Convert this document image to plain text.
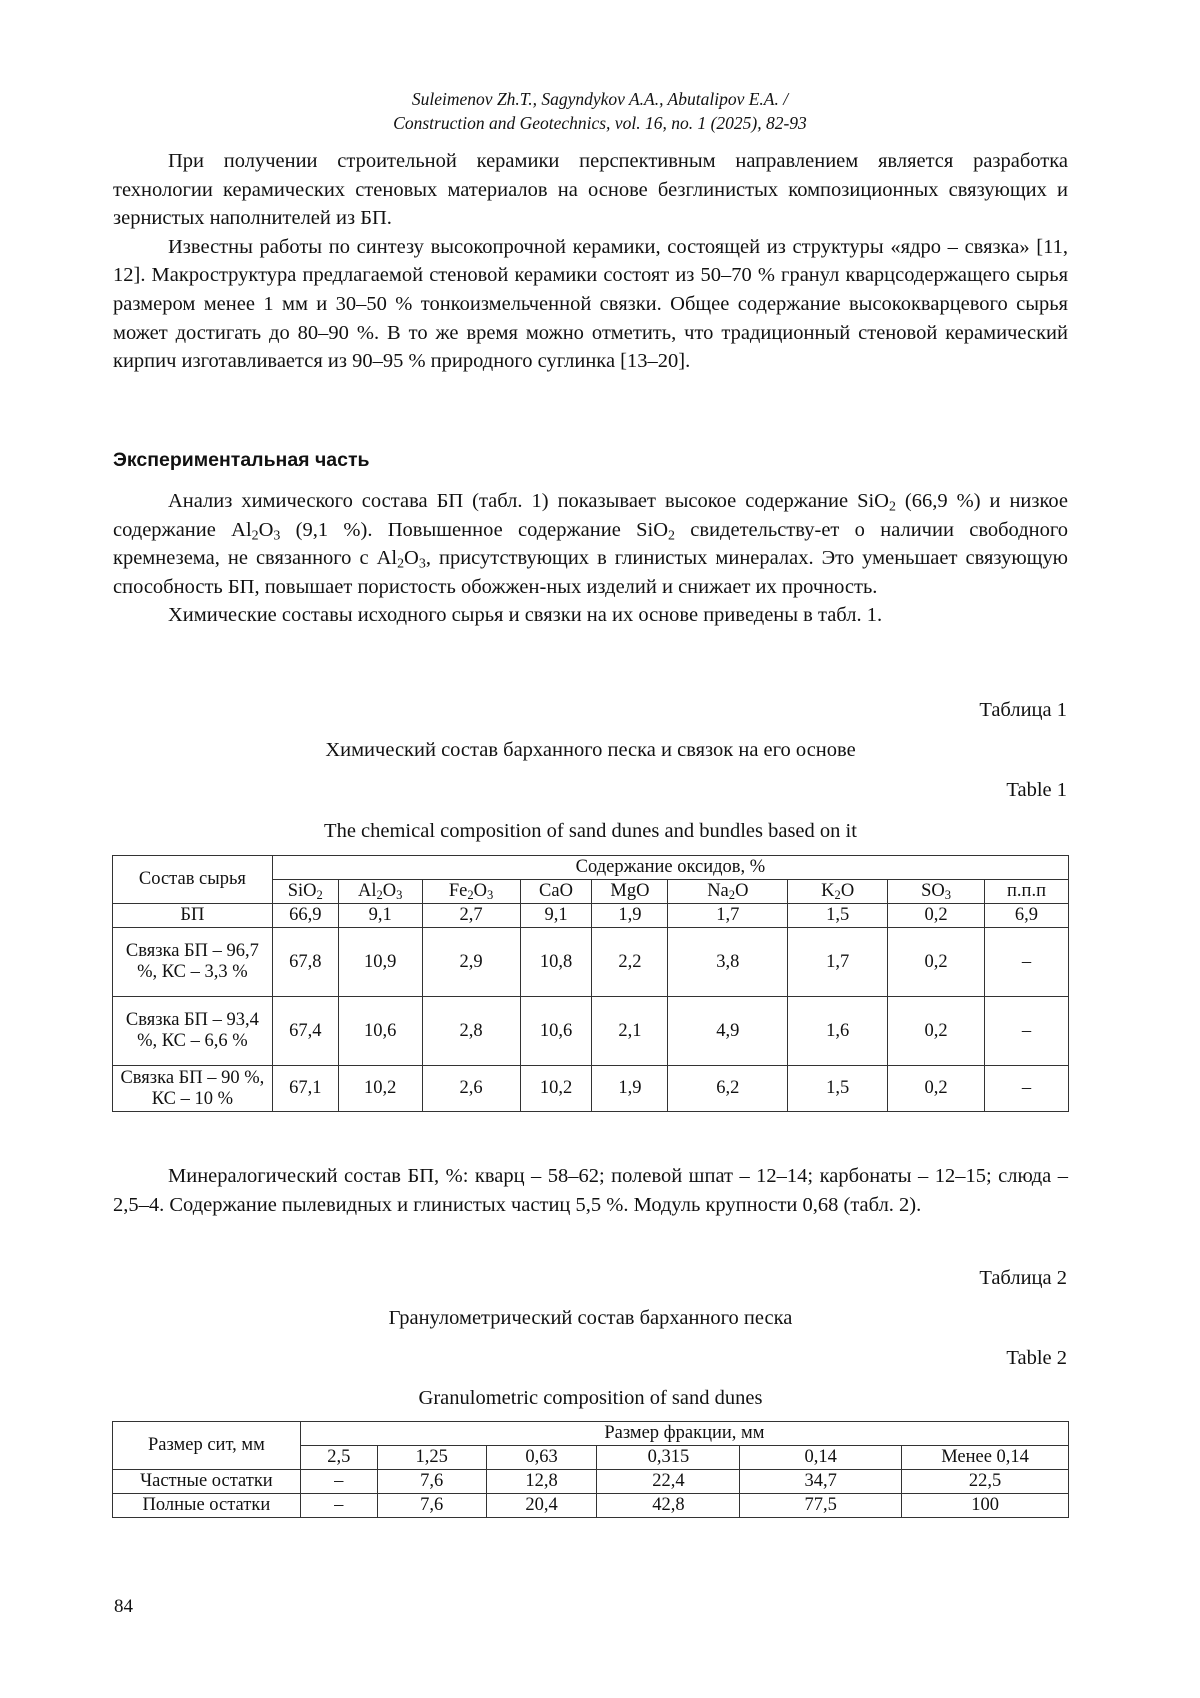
Suleimenov Zh.T., Sagyndykov A.A., Abutalipov E.A. /
Construction and Geotechnics, vol. 16, no. 1 (2025), 82-93

При получении строительной керамики перспективным направлением является разработка технологии керамических стеновых материалов на основе безглинистых композиционных связующих и зернистых наполнителей из БП.

Известны работы по синтезу высокопрочной керамики, состоящей из структуры «ядро – связка» [11, 12]. Макроструктура предлагаемой стеновой керамики состоят из 50–70 % гранул кварцсодержащего сырья размером менее 1 мм и 30–50 % тонкоизмельченной связки. Общее содержание высококварцевого сырья может достигать до 80–90 %. В то же время можно отметить, что традиционный стеновой керамический кирпич изготавливается из 90–95 % природного суглинка [13–20].

Экспериментальная часть

Анализ химического состава БП (табл. 1) показывает высокое содержание SiO$_2$ (66,9 %) и низкое содержание $Al_2O_3$ (9,1 %). Повышенное содержание SiO$_2$ свидетельству-ет о наличии свободного кремнезема, не связанного с $Al_2O_3$, присутствующих в глинистых минералах. Это уменьшает связующую способность БП, повышает пористость обожжен-ных изделий и снижает их прочность.

Химические составы исходного сырья и связки на их основе приведены в табл. 1.

Таблица 1
Химический состав барханного песка и связок на его основе
Table 1
The chemical composition of sand dunes and bundles based on it
Состав сырья	Содержание оксидов, %								
	SiO$_2$	$Al_2O_3$	$Fe_2O_3$	CaO	MgO	$Na_2O$	$K_2O$	$SO_3$	п.п.п
БП	66,9	9,1	2,7	9,1	1,9	1,7	1,5	0,2	6,9
Связка БП – 96,7 %, КС – 3,3 %	67,8	10,9	2,9	10,8	2,2	3,8	1,7	0,2	–
Связка БП – 93,4 %, КС – 6,6 %	67,4	10,6	2,8	10,6	2,1	4,9	1,6	0,2	–
Связка БП – 90 %, КС – 10 %	67,1	10,2	2,6	10,2	1,9	6,2	1,5	0,2	–

Минералогический состав БП, %: кварц – 58–62; полевой шпат – 12–14; карбонаты – 12–15; слюда – 2,5–4. Содержание пылевидных и глинистых частиц 5,5 %. Модуль крупности 0,68 (табл. 2).

Таблица 2
Гранулометрический состав барханного песка
Table 2
Granulometric composition of sand dunes
Размер сит, мм	Размер фракции, мм					
	2,5	1,25	0,63	0,315	0,14	Менее 0,14
Частные остатки	–	7,6	12,8	22,4	34,7	22,5
Полные остатки	–	7,6	20,4	42,8	77,5	100
84
